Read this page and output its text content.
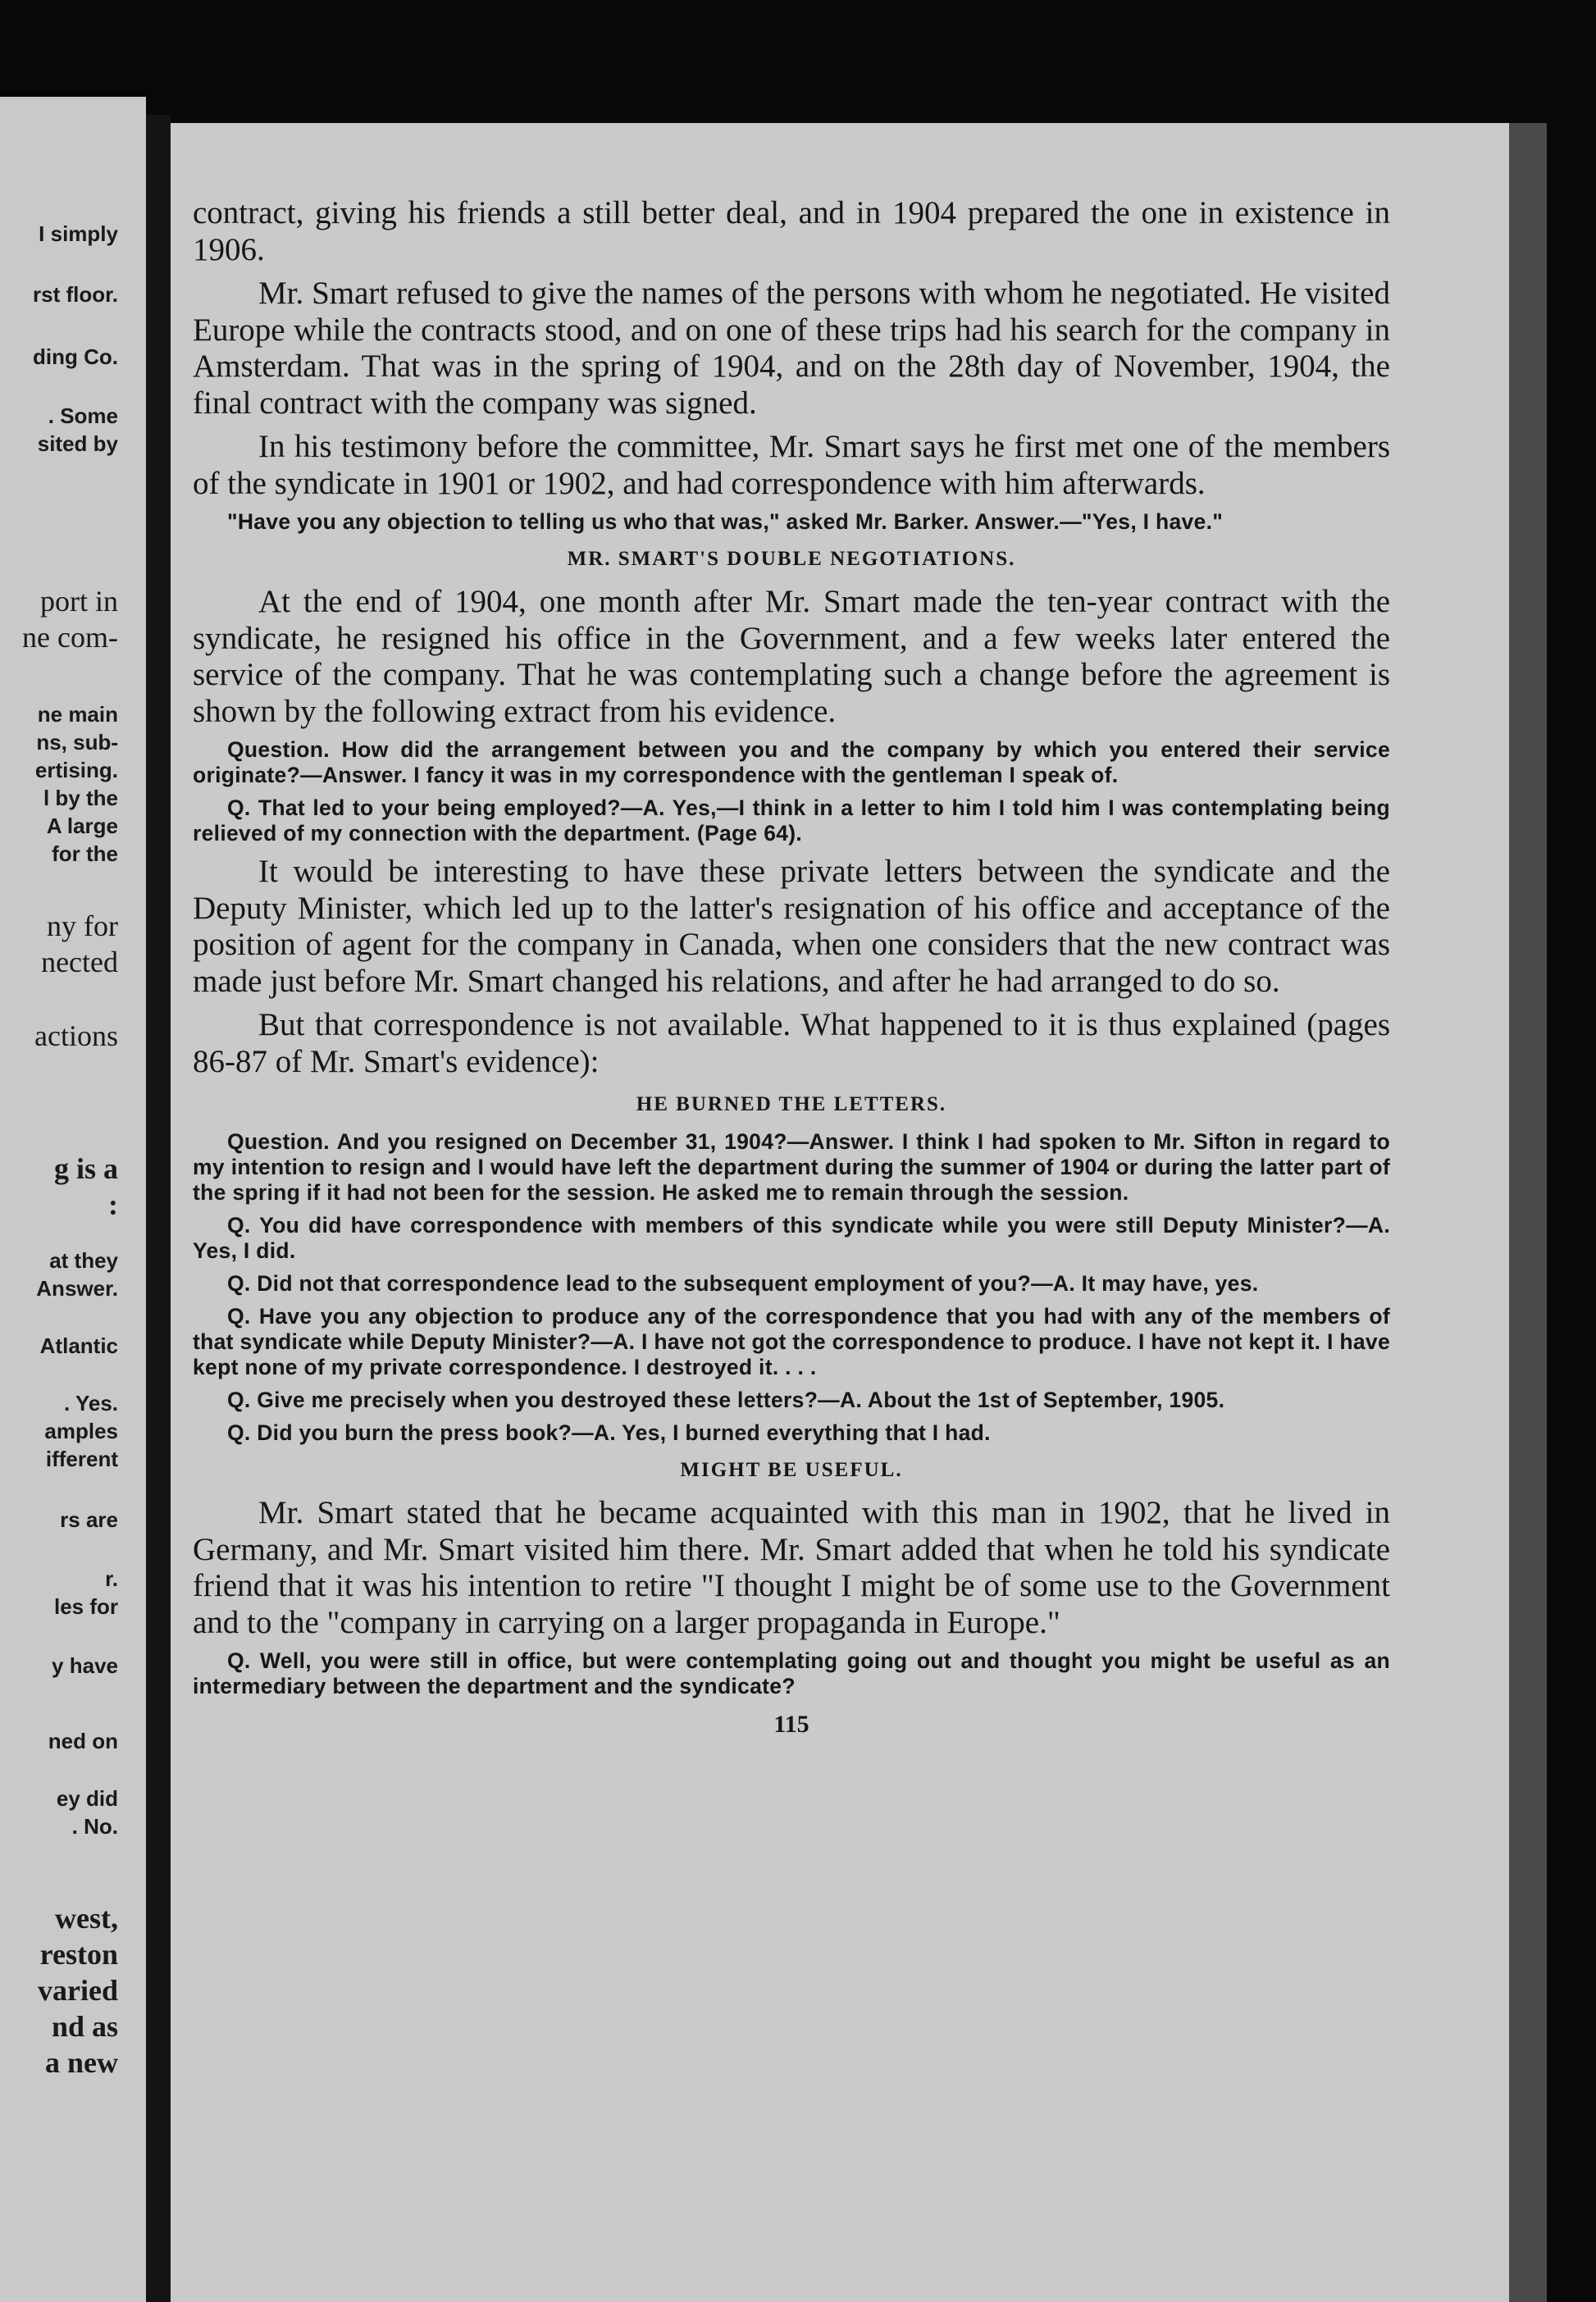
I simply
rst floor.
ding Co.
. Some
sited by
port in
ne com-
ne main
ns, sub-
ertising.
l by the
A large
for the
ny for
nected
actions
g is a
:
at they
Answer.
Atlantic
. Yes.
amples
ifferent
rs are
r.
les for
y have
ned on
ey did
. No.
west,
reston
varied
nd as
a new

contract, giving his friends a still better deal, and in 1904 prepared the one in existence in 1906.

Mr. Smart refused to give the names of the persons with whom he negotiated. He visited Europe while the contracts stood, and on one of these trips had his search for the company in Amsterdam. That was in the spring of 1904, and on the 28th day of November, 1904, the final contract with the company was signed.

In his testimony before the committee, Mr. Smart says he first met one of the members of the syndicate in 1901 or 1902, and had correspondence with him afterwards.

"Have you any objection to telling us who that was," asked Mr. Barker. Answer.—"Yes, I have."

MR. SMART'S DOUBLE NEGOTIATIONS.

At the end of 1904, one month after Mr. Smart made the ten-year contract with the syndicate, he resigned his office in the Government, and a few weeks later entered the service of the company. That he was contemplating such a change before the agreement is shown by the following extract from his evidence.

Question. How did the arrangement between you and the company by which you entered their service originate?—Answer. I fancy it was in my correspondence with the gentleman I speak of.

Q. That led to your being employed?—A. Yes,—I think in a letter to him I told him I was contemplating being relieved of my connection with the department. (Page 64).

It would be interesting to have these private letters between the syndicate and the Deputy Minister, which led up to the latter's resignation of his office and acceptance of the position of agent for the company in Canada, when one considers that the new contract was made just before Mr. Smart changed his relations, and after he had arranged to do so.

But that correspondence is not available. What happened to it is thus explained (pages 86-87 of Mr. Smart's evidence):

HE BURNED THE LETTERS.

Question. And you resigned on December 31, 1904?—Answer. I think I had spoken to Mr. Sifton in regard to my intention to resign and I would have left the department during the summer of 1904 or during the latter part of the spring if it had not been for the session. He asked me to remain through the session.

Q. You did have correspondence with members of this syndicate while you were still Deputy Minister?—A. Yes, I did.

Q. Did not that correspondence lead to the subsequent employment of you?—A. It may have, yes.

Q. Have you any objection to produce any of the correspondence that you had with any of the members of that syndicate while Deputy Minister?—A. I have not got the correspondence to produce. I have not kept it. I have kept none of my private correspondence. I destroyed it. . . .

Q. Give me precisely when you destroyed these letters?—A. About the 1st of September, 1905.

Q. Did you burn the press book?—A. Yes, I burned everything that I had.

MIGHT BE USEFUL.

Mr. Smart stated that he became acquainted with this man in 1902, that he lived in Germany, and Mr. Smart visited him there. Mr. Smart added that when he told his syndicate friend that it was his intention to retire "I thought I might be of some use to the Government and to the "company in carrying on a larger propaganda in Europe."

Q. Well, you were still in office, but were contemplating going out and thought you might be useful as an intermediary between the department and the syndicate?

115
